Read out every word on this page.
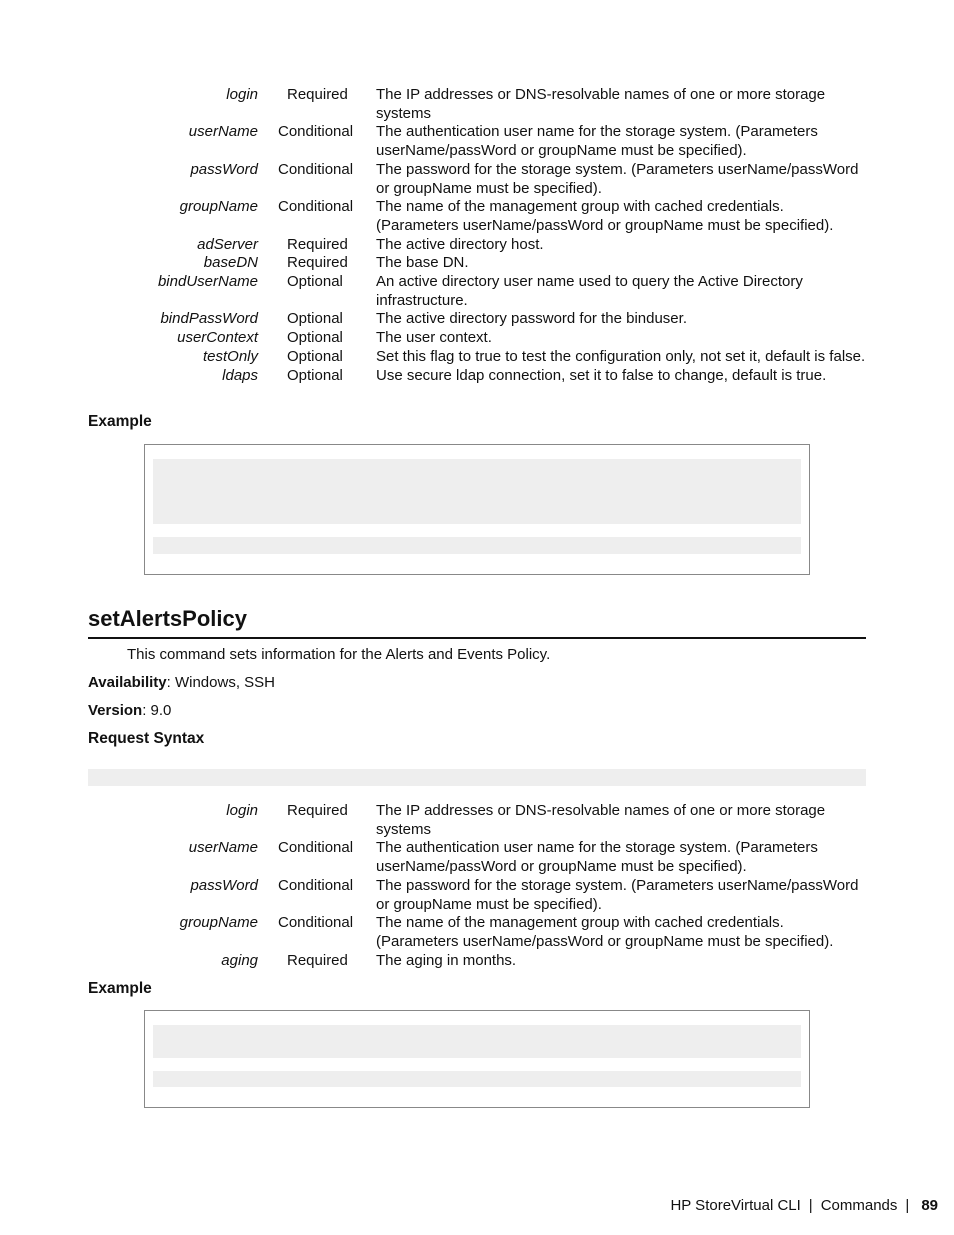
login Required	The IP addresses or DNS-resolvable names of one or more storage systems
userName Conditional	The authentication user name for the storage system. (Parameters userName/passWord or groupName must be specified).
passWord Conditional	The password for the storage system. (Parameters userName/passWord or groupName must be specified).
groupName Conditional	The name of the management group with cached credentials. (Parameters userName/passWord or groupName must be specified).
adServer Required	The active directory host.
baseDN Required	The base DN.
bindUserName Optional	An active directory user name used to query the Active Directory infrastructure.
bindPassWord Optional	The active directory password for the binduser.
userContext Optional	The user context.
testOnly Optional	Set this flag to true to test the configuration only, not set it, default is false.
ldaps Optional	Use secure ldap connection, set it to false to change, default is true.
Example
setAlertsPolicy
This command sets information for the Alerts and Events Policy.
Availability: Windows, SSH
Version: 9.0
Request Syntax
login Required	The IP addresses or DNS-resolvable names of one or more storage systems
userName Conditional	The authentication user name for the storage system. (Parameters userName/passWord or groupName must be specified).
passWord Conditional	The password for the storage system. (Parameters userName/passWord or groupName must be specified).
groupName Conditional	The name of the management group with cached credentials. (Parameters userName/passWord or groupName must be specified).
aging Required	The aging in months.
Example
HP StoreVirtual CLI | Commands | 89
